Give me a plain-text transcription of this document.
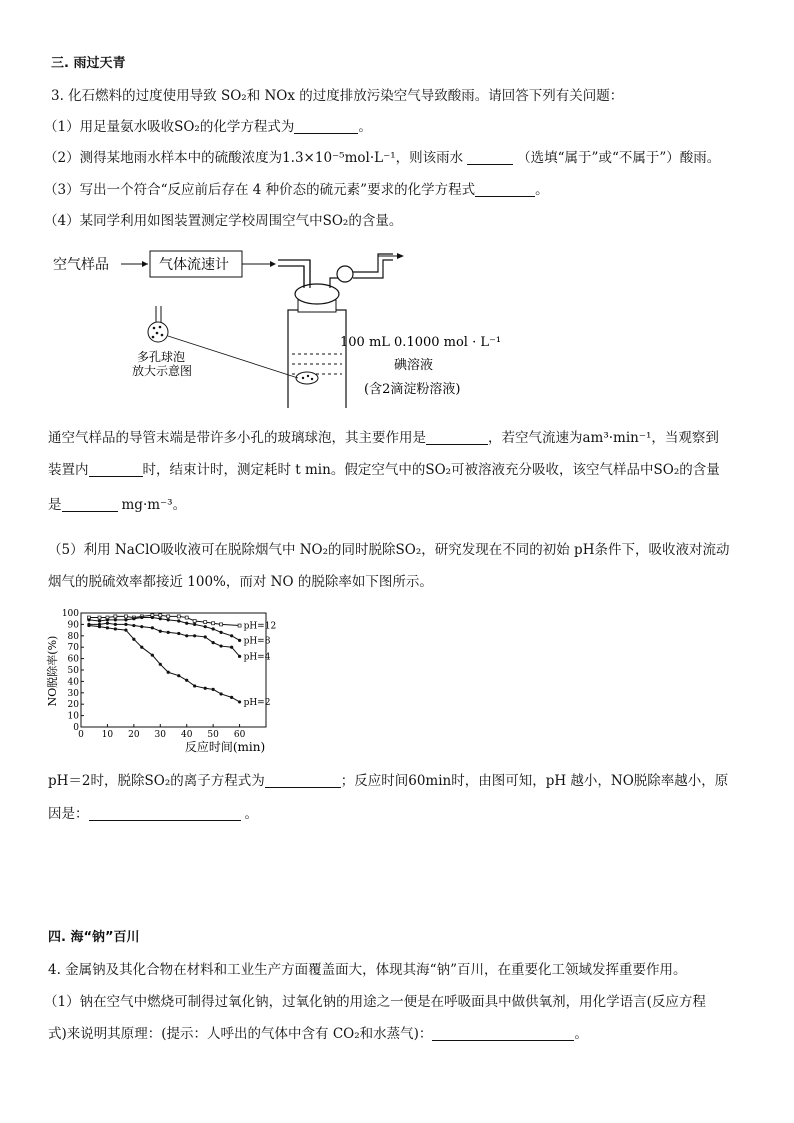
三. 雨过天青
3. 化石燃料的过度使用导致 SO₂和 NOx 的过度排放污染空气导致酸雨。请回答下列有关问题：
（1）用足量氨水吸收SO₂的化学方程式为	。
（2）测得某地雨水样本中的硫酸浓度为1.3×10⁻⁵mol·L⁻¹，则该雨水	（选填“属于”或“不属于”）酸雨。
（3）写出一个符合“反应前后存在 4 种价态的硫元素”要求的化学方程式	。
（4）某同学利用如图装置测定学校周围空气中SO₂的含量。
空气样品	气体流速计
多孔球泡
放大示意图
100 mL 0.1000 mol · L⁻¹
碘溶液
(含2滴淀粉溶液)
通空气样品的导管末端是带许多小孔的玻璃球泡，其主要作用是	，若空气流速为am³·min⁻¹，当观察到
装置内	时，结束计时，测定耗时 t min。假定空气中的SO₂可被溶液充分吸收，该空气样品中SO₂的含量
是	mg·m⁻³。
（5）利用 NaClO吸收液可在脱除烟气中 NO₂的同时脱除SO₂，研究发现在不同的初始 pH条件下，吸收液对流动
烟气的脱硫效率都接近 100%，而对 NO 的脱除率如下图所示。
NO脱除率(%)
反应时间(min)
0
10
20
30
40
50
60
70
80
90
100
0 10 20 30 40 50 60
pH=12
pH=8
pH=4
pH=2
pH＝2时，脱除SO₂的离子方程式为	；反应时间60min时，由图可知，pH 越小，NO脱除率越小，原
因是：	。
四. 海“钠”百川
4. 金属钠及其化合物在材料和工业生产方面覆盖面大，体现其海“钠”百川，在重要化工领域发挥重要作用。
（1）钠在空气中燃烧可制得过氧化钠，过氧化钠的用途之一便是在呼吸面具中做供氧剂，用化学语言(反应方程
式)来说明其原理：(提示：人呼出的气体中含有 CO₂和水蒸气)：	。
